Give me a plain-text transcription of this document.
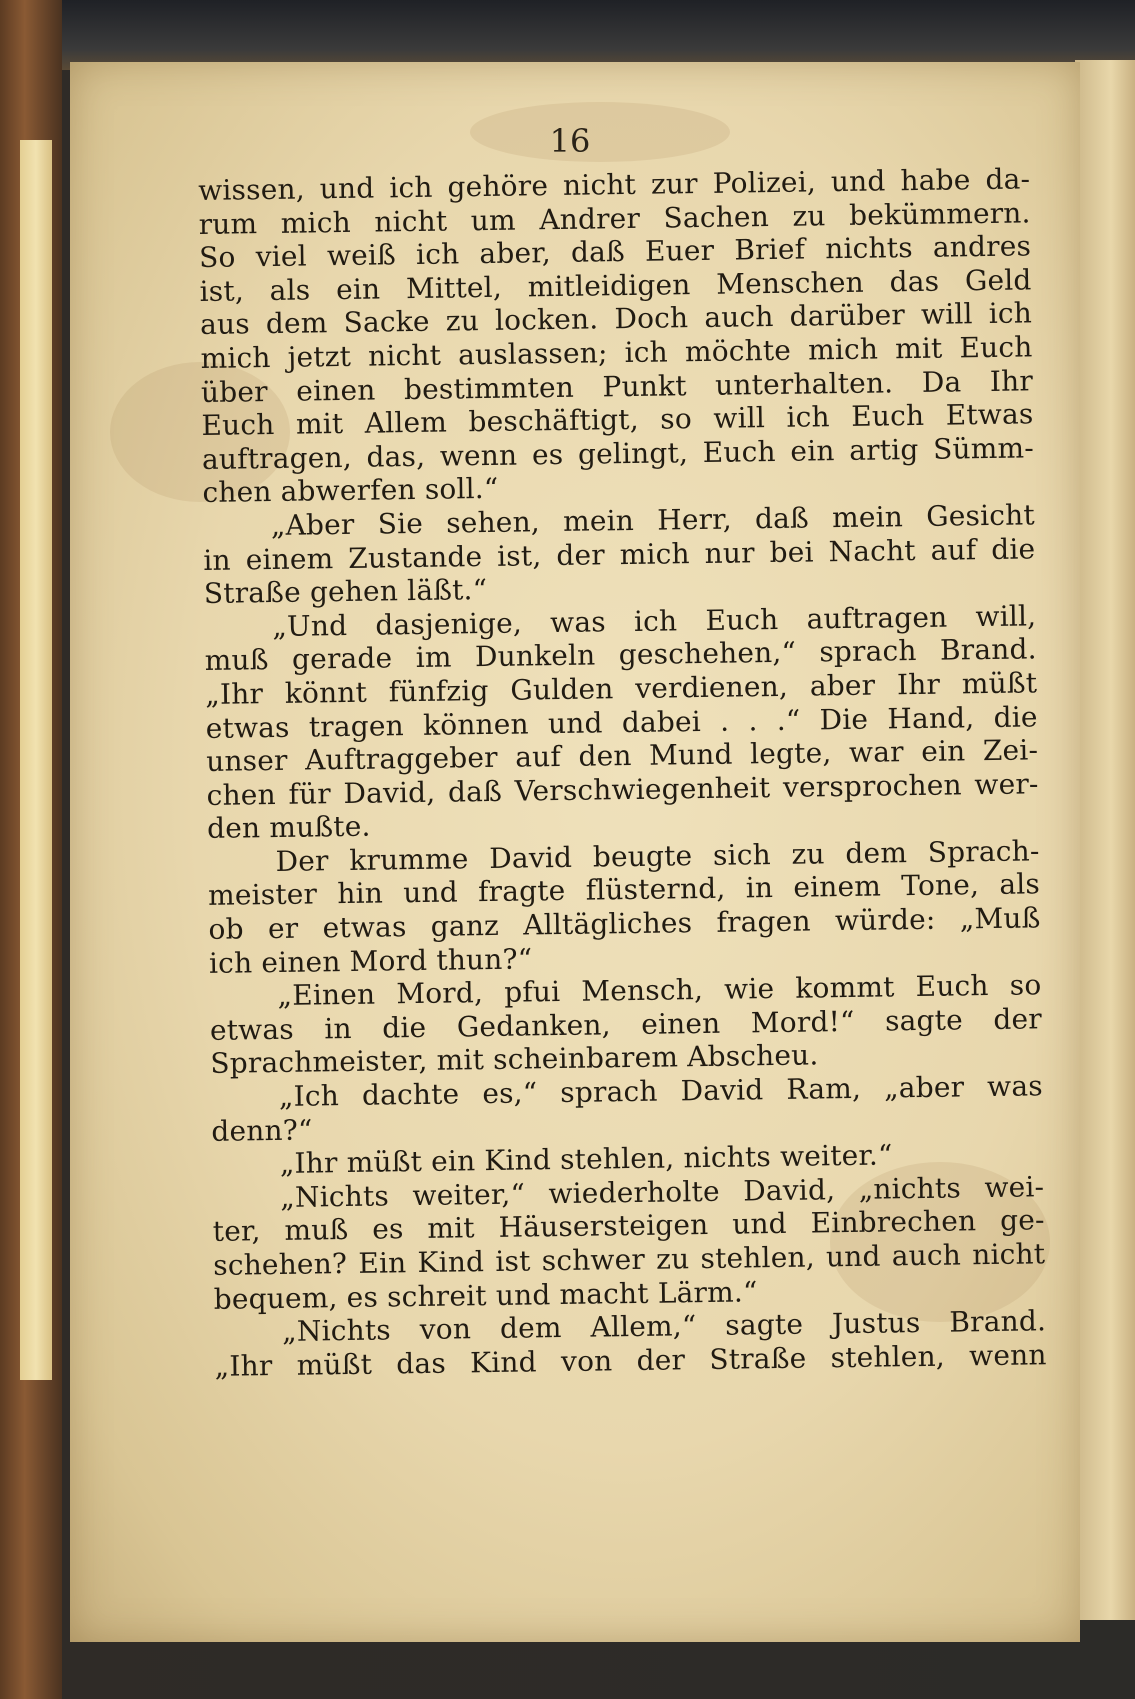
16
wissen, und ich gehöre nicht zur Polizei, und habe da-
rum mich nicht um Andrer Sachen zu bekümmern.
So viel weiß ich aber, daß Euer Brief nichts andres
ist, als ein Mittel, mitleidigen Menschen das Geld
aus dem Sacke zu locken. Doch auch darüber will ich
mich jetzt nicht auslassen; ich möchte mich mit Euch
über einen bestimmten Punkt unterhalten. Da Ihr
Euch mit Allem beschäftigt, so will ich Euch Etwas
auftragen, das, wenn es gelingt, Euch ein artig Sümm-
chen abwerfen soll.“
„Aber Sie sehen, mein Herr, daß mein Gesicht
in einem Zustande ist, der mich nur bei Nacht auf die
Straße gehen läßt.“
„Und dasjenige, was ich Euch auftragen will,
muß gerade im Dunkeln geschehen,“ sprach Brand.
„Ihr könnt fünfzig Gulden verdienen, aber Ihr müßt
etwas tragen können und dabei . . .“ Die Hand, die
unser Auftraggeber auf den Mund legte, war ein Zei-
chen für David, daß Verschwiegenheit versprochen wer-
den mußte.
Der krumme David beugte sich zu dem Sprach-
meister hin und fragte flüsternd, in einem Tone, als
ob er etwas ganz Alltägliches fragen würde: „Muß
ich einen Mord thun?“
„Einen Mord, pfui Mensch, wie kommt Euch so
etwas in die Gedanken, einen Mord!“ sagte der
Sprachmeister, mit scheinbarem Abscheu.
„Ich dachte es,“ sprach David Ram, „aber was
denn?“
„Ihr müßt ein Kind stehlen, nichts weiter.“
„Nichts weiter,“ wiederholte David, „nichts wei-
ter, muß es mit Häusersteigen und Einbrechen ge-
schehen? Ein Kind ist schwer zu stehlen, und auch nicht
bequem, es schreit und macht Lärm.“
„Nichts von dem Allem,“ sagte Justus Brand.
„Ihr müßt das Kind von der Straße stehlen, wenn
